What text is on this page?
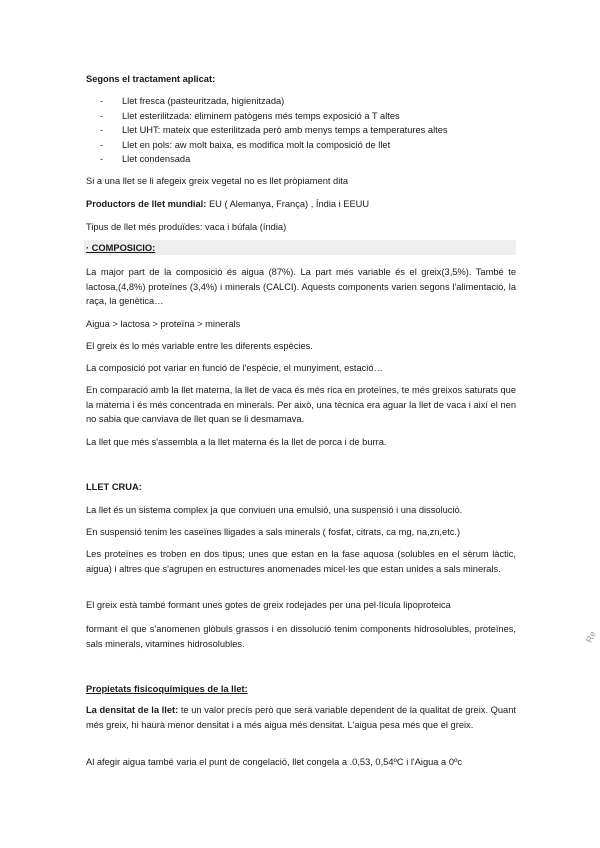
Segons el tractament aplicat:

- Llet fresca (pasteuritzada, higienitzada)
- Llet esterilitzada: eliminem patògens més temps exposició a T altes
- Llet UHT: mateix que esterilitzada però amb menys temps a temperatures altes
- Llet en pols: aw molt baixa, es modifica molt la composició de llet
- Llet condensada

Si a una llet se li afegeix greix vegetal no es llet pròpiament dita

Productors de llet mundial: EU ( Alemanya, França) , Índia i EEUU

Tipus de llet més produïdes: vaca i búfala (índia)

· COMPOSICIO:

La major part de la composició és aigua (87%). La part més variable és el greix(3,5%). També te lactosa,(4,8%) proteïnes (3,4%) i minerals (CALCI). Aquests components varien segons l'alimentació, la raça, la genètica…

Aigua > lactosa > proteïna > minerals

El greix és lo més variable entre les diferents espècies.

La composició pot variar en funció de l'espècie, el munyiment, estació…

En comparació amb la llet materna, la llet de vaca és més rica en proteïnes, te més greixos saturats que la materna i és més concentrada en minerals. Per això, una tècnica era aguar la llet de vaca i així el nen no sabia que canviava de llet quan se li desmamava.

La llet que més s'assembla a la llet materna és la llet de porca i de burra.

LLET CRUA:

La llet és un sistema complex ja que conviuen una emulsió, una suspensió i una dissolució.

En suspensió tenim les caseïnes lligades a sals minerals ( fosfat, citrats, ca mg, na,zn,etc.)

Les proteïnes es troben en dos tipus; unes que estan en la fase aquosa (solubles en el sèrum làctic, aigua) i altres que s'agrupen en estructures anomenades micel·les que estan unides a sals minerals.

El greix està també formant unes gotes de greix rodejades per una pel·lícula lipoproteica

formant el que s'anomenen glòbuls grassos i en dissolució tenim components hidrosolubles, proteïnes, sals minerals, vitamines hidrosolubles.

Propietats fisicoquímiques de la llet:

La densitat de la llet: te un valor precís però que serà variable dependent de la qualitat de greix. Quant més greix, hi haurà menor densitat i a més aigua més densitat. L'aigua pesa més que el greix.

Al afegir aigua també varia el punt de congelació, llet congela a .0,53, 0,54ºC i l'Aigua a 0ºc

Re
